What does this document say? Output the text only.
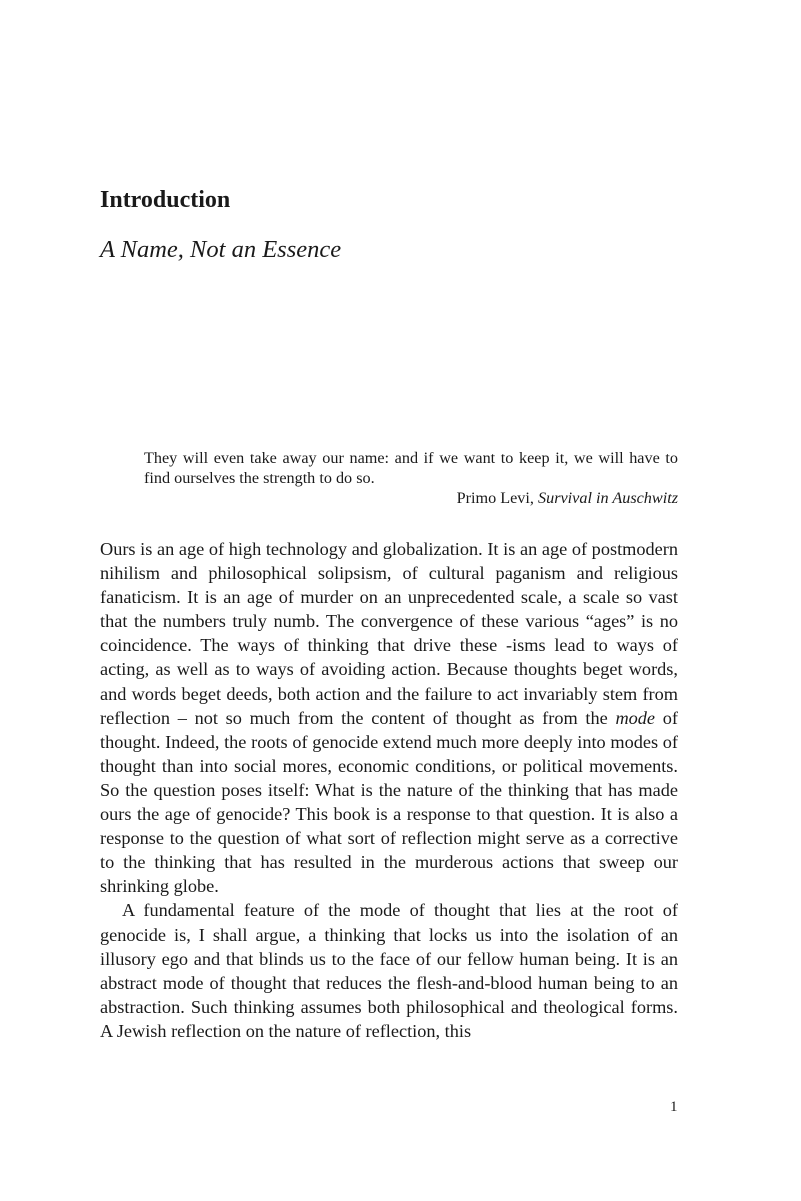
Introduction
A Name, Not an Essence

They will even take away our name: and if we want to keep it, we will have to find ourselves the strength to do so.

Primo Levi, Survival in Auschwitz

Ours is an age of high technology and globalization. It is an age of postmodern nihilism and philosophical solipsism, of cultural paganism and religious fanaticism. It is an age of murder on an unprecedented scale, a scale so vast that the numbers truly numb. The convergence of these various “ages” is no coincidence. The ways of thinking that drive these -isms lead to ways of acting, as well as to ways of avoiding action. Because thoughts beget words, and words beget deeds, both action and the failure to act invariably stem from reflection – not so much from the content of thought as from the mode of thought. Indeed, the roots of genocide extend much more deeply into modes of thought than into social mores, economic conditions, or political movements. So the question poses itself: What is the nature of the thinking that has made ours the age of genocide? This book is a response to that question. It is also a response to the question of what sort of reflection might serve as a corrective to the thinking that has resulted in the murderous actions that sweep our shrinking globe.

A fundamental feature of the mode of thought that lies at the root of genocide is, I shall argue, a thinking that locks us into the isolation of an illusory ego and that blinds us to the face of our fellow human being. It is an abstract mode of thought that reduces the flesh-and-blood human being to an abstraction. Such thinking assumes both philosophical and theological forms. A Jewish reflection on the nature of reflection, this

1
